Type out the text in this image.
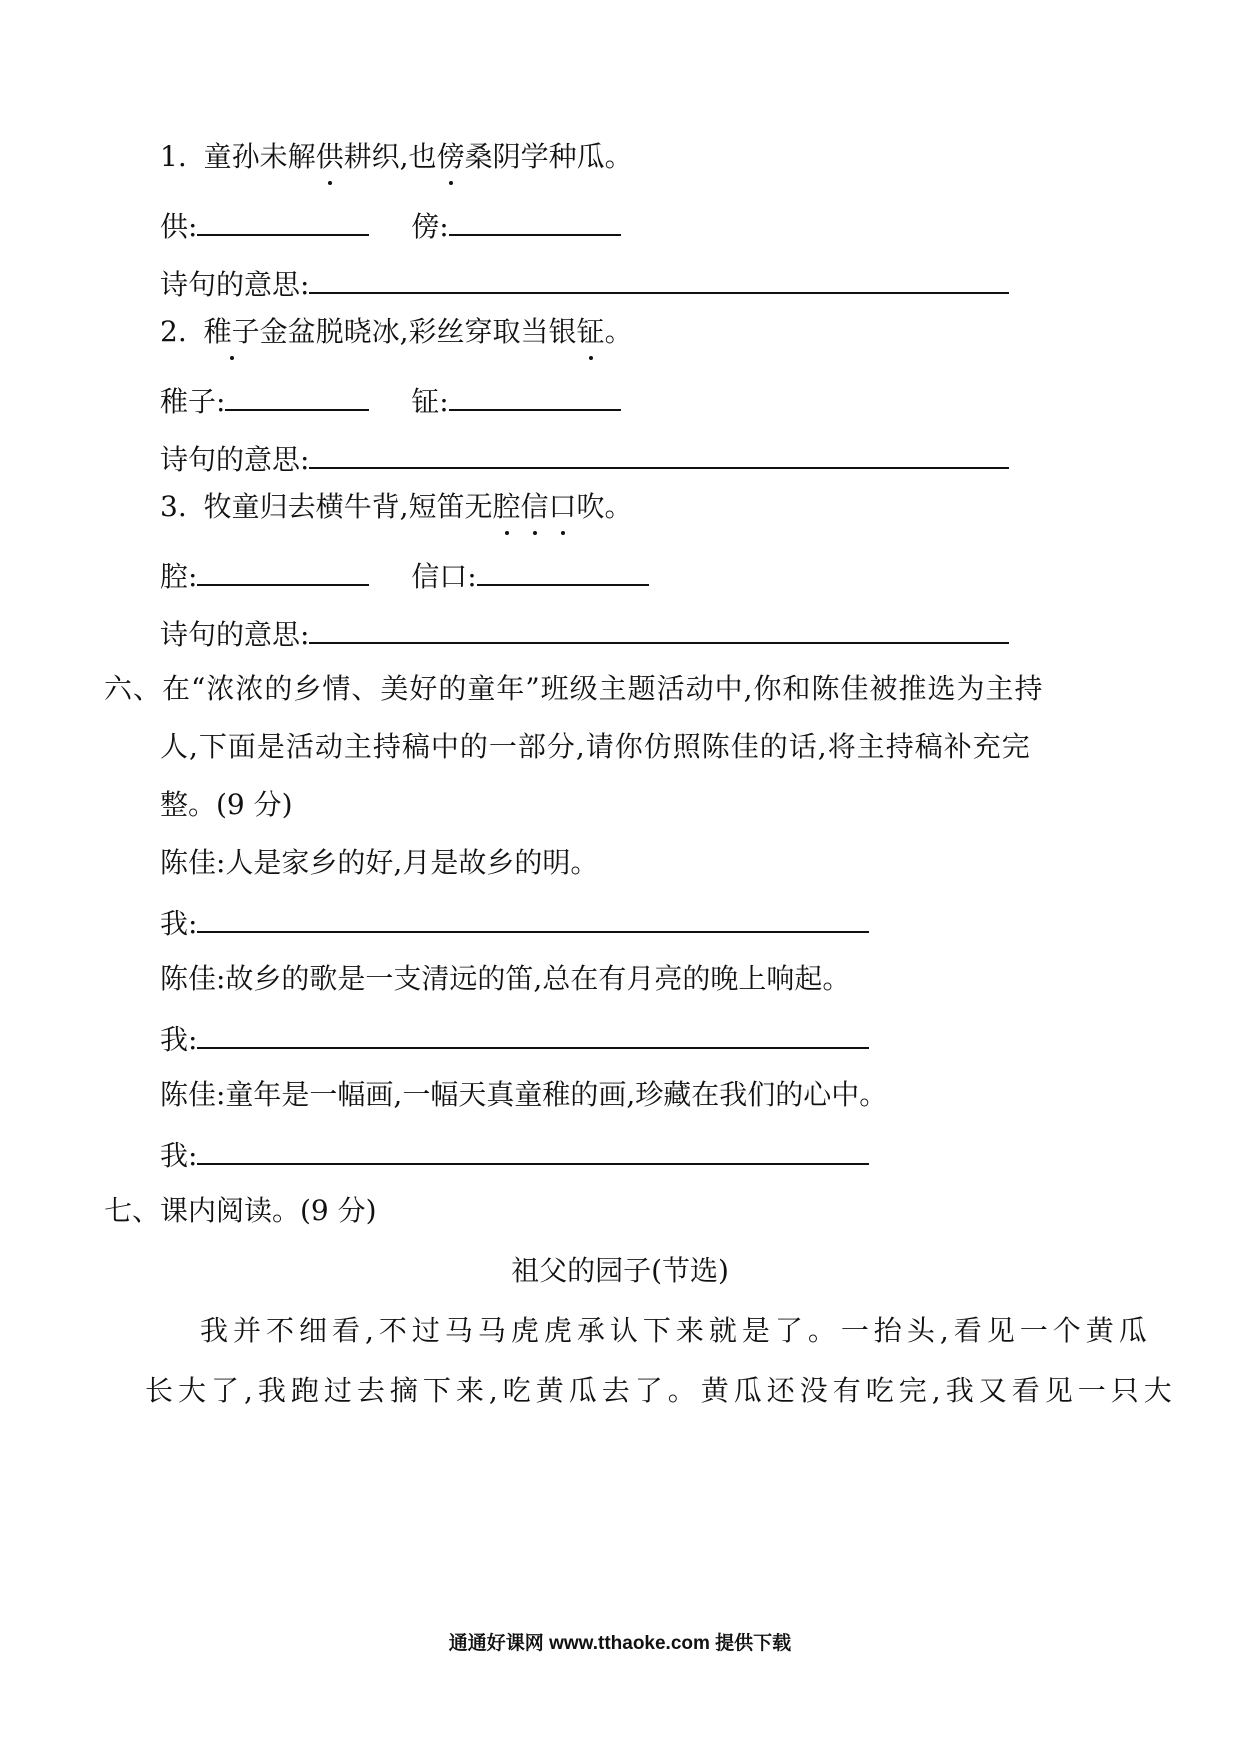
1. 童孙未解供耕织,也傍桑阴学种瓜。
供:	傍:
诗句的意思:
2. 稚子金盆脱晓冰,彩丝穿取当银钲。
稚子:	钲:
诗句的意思:
3. 牧童归去横牛背,短笛无腔信口
吹。
腔:	信口:
诗句的意思:
六、在“浓浓的乡情、美好的童年”班级主题活动中,你和陈佳被推选为主持
人,下面是活动主持稿中的一部分,请你仿照陈佳的话,将主持稿补充完
整。(9 分)
陈佳:人是家乡的好,月是故乡的明。
我:
陈佳:故乡的歌是一支清远的笛,总在有月亮的晚上响起。
我:
陈佳:童年是一幅画,一幅天真童稚的画,珍藏在我们的心中。
我:
七、课内阅读。(9 分)
祖父的园子(节选)
我并不细看,不过马马虎虎承认下来就是了。一抬头,看见一个黄瓜
长大了,我跑过去摘下来,吃黄瓜去了。黄瓜还没有吃完,我又看见一只大
通通好课网 www.tthaoke.com 提供下载
